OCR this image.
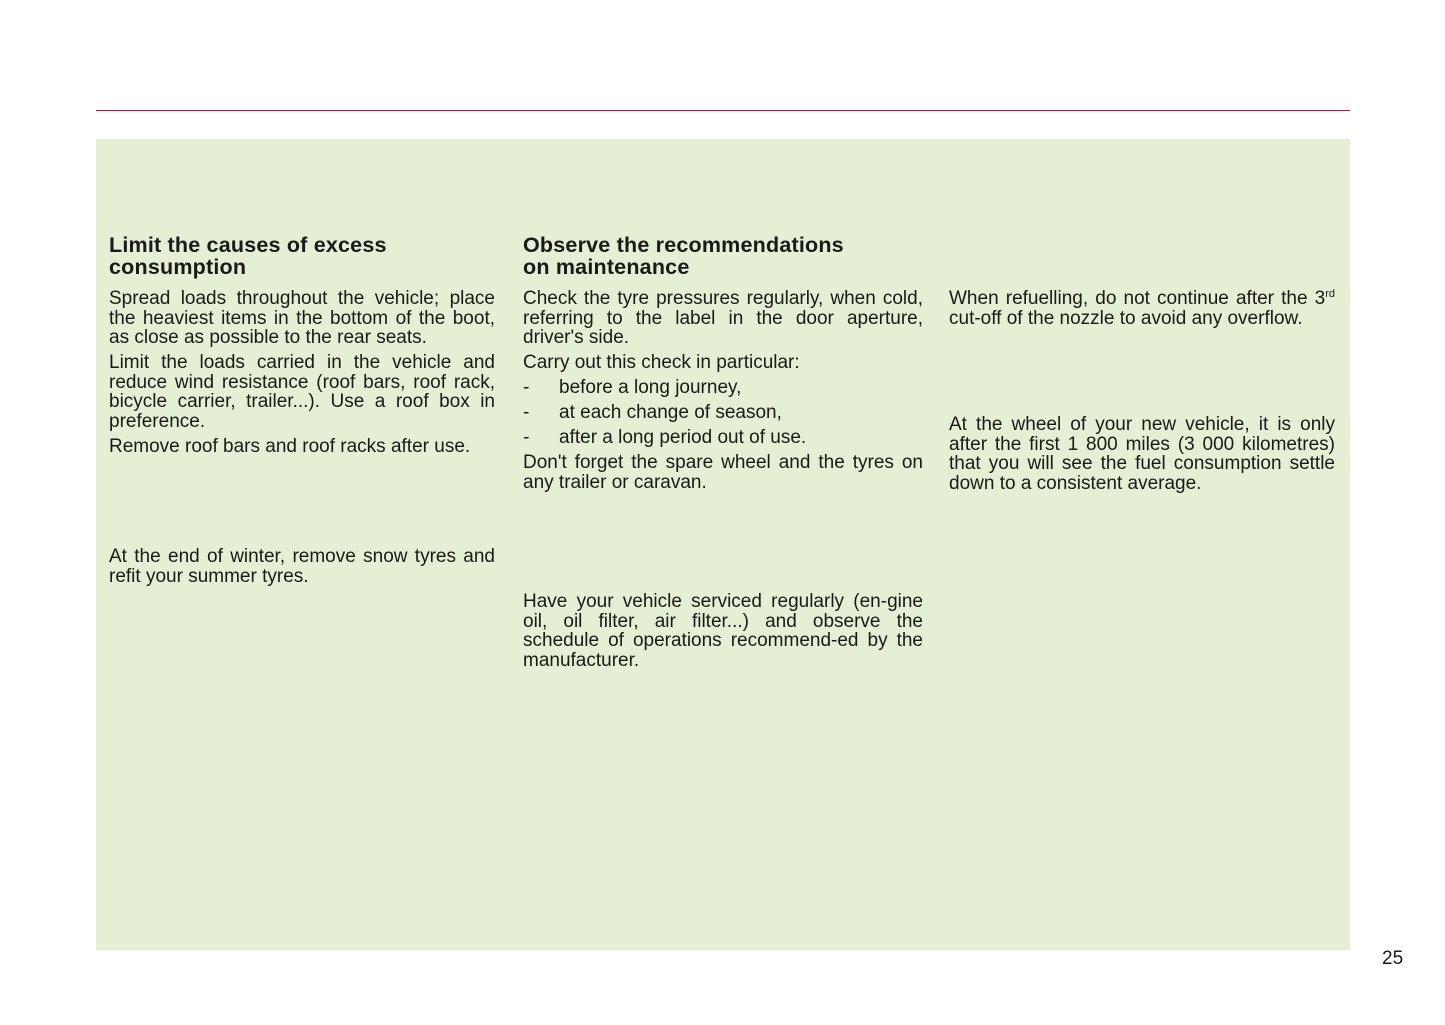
Limit the causes of excess
consumption

Spread loads throughout the vehicle; place the heaviest items in the bottom of the boot, as close as possible to the rear seats.

Limit the loads carried in the vehicle and reduce wind resistance (roof bars, roof rack, bicycle carrier, trailer...). Use a roof box in preference.

Remove roof bars and roof racks after use.

At the end of winter, remove snow tyres and refit your summer tyres.

Observe the recommendations
on maintenance

Check the tyre pressures regularly, when cold, referring to the label in the door aperture, driver's side.

Carry out this check in particular:

-	before a long journey,
-	at each change of season,
-	after a long period out of use.

Don't forget the spare wheel and the tyres on any trailer or caravan.

Have your vehicle serviced regularly (en-gine oil, oil filter, air filter...) and observe the schedule of operations recommend-ed by the manufacturer.

When refuelling, do not continue after the 3rd cut-off of the nozzle to avoid any overflow.

At the wheel of your new vehicle, it is only after the first 1 800 miles (3 000 kilometres) that you will see the fuel consumption settle down to a consistent average.

25
